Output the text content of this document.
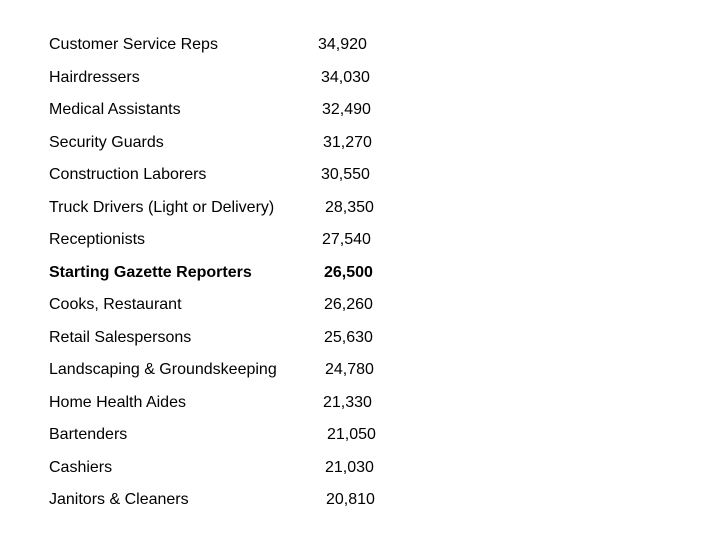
Customer Service Reps	34,920
Hairdressers	34,030
Medical Assistants	32,490
Security Guards	31,270
Construction Laborers	30,550
Truck Drivers (Light or Delivery)	28,350
Receptionists	27,540
Starting Gazette Reporters	26,500
Cooks, Restaurant	26,260
Retail Salespersons	25,630
Landscaping & Groundskeeping	24,780
Home Health Aides	21,330
Bartenders	21,050
Cashiers	21,030
Janitors & Cleaners	20,810
